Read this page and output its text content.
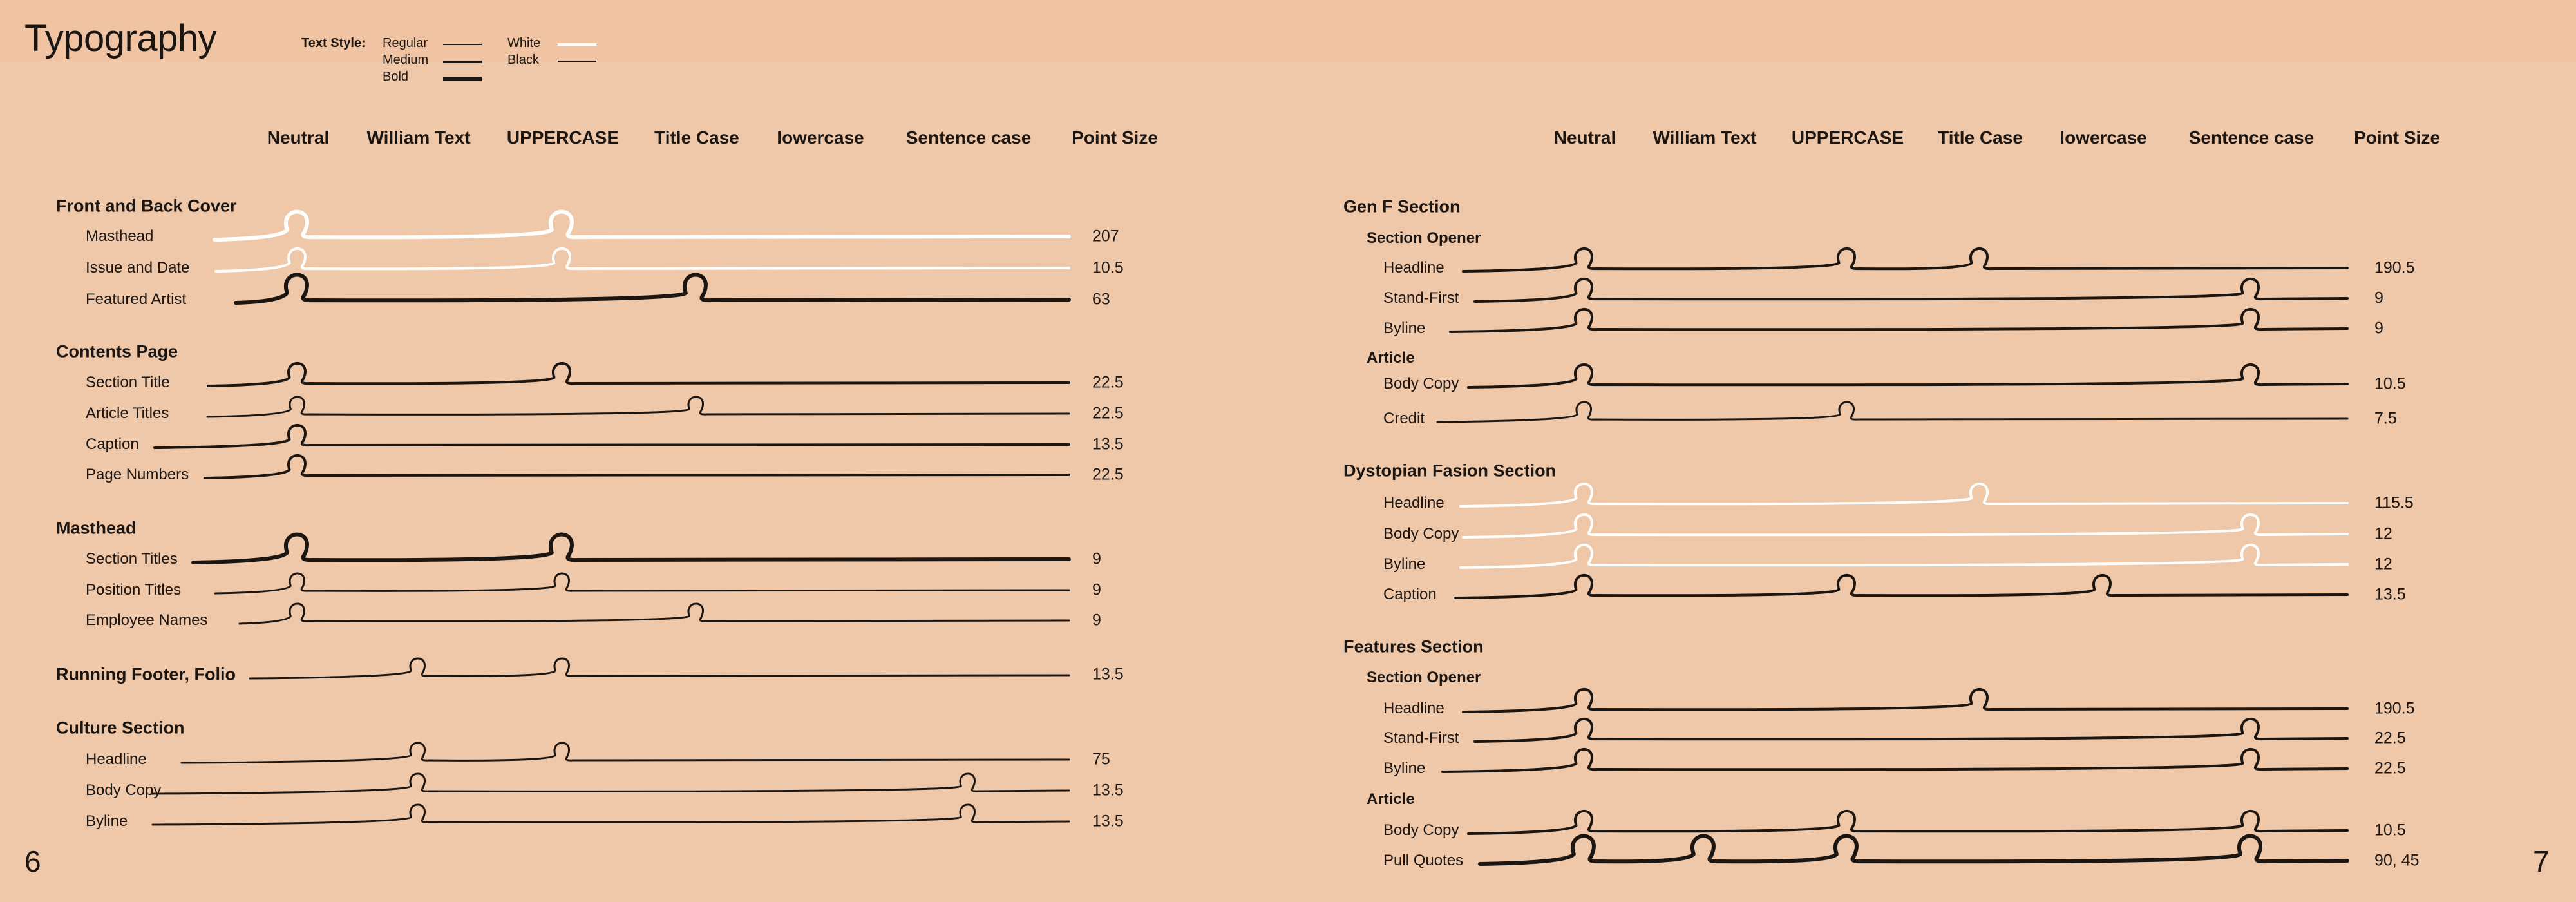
Typography	Text Style: Regular
Medium
Bold
White
Black
Neutral William Text UPPERCASE Title Case lowercase Sentence case Point Size	Neutral William Text UPPERCASE Title Case lowercase Sentence case Point Size
Front and Back Cover
Masthead	207
Issue and Date	10.5
Featured Artist	63
Contents Page
Section Title	22.5
Article Titles	22.5
Caption	13.5
Page Numbers	22.5
Masthead
Section Titles	9
Position Titles	9
Employee Names	9
Running Footer, Folio	13.5
Culture Section
Headline	75
Body Copy	13.5
Byline	13.5
Gen F Section
Section Opener
Headline	190.5
Stand-First	9
Byline	9
Article
Body Copy	10.5
Credit	7.5
Dystopian Fasion Section
Headline	115.5
Body Copy	12
Byline	12
Caption	13.5
Features Section
Section Opener
Headline	190.5
Stand-First	22.5
Byline	22.5
Article
Body Copy	10.5
Pull Quotes	90, 45
6	7
